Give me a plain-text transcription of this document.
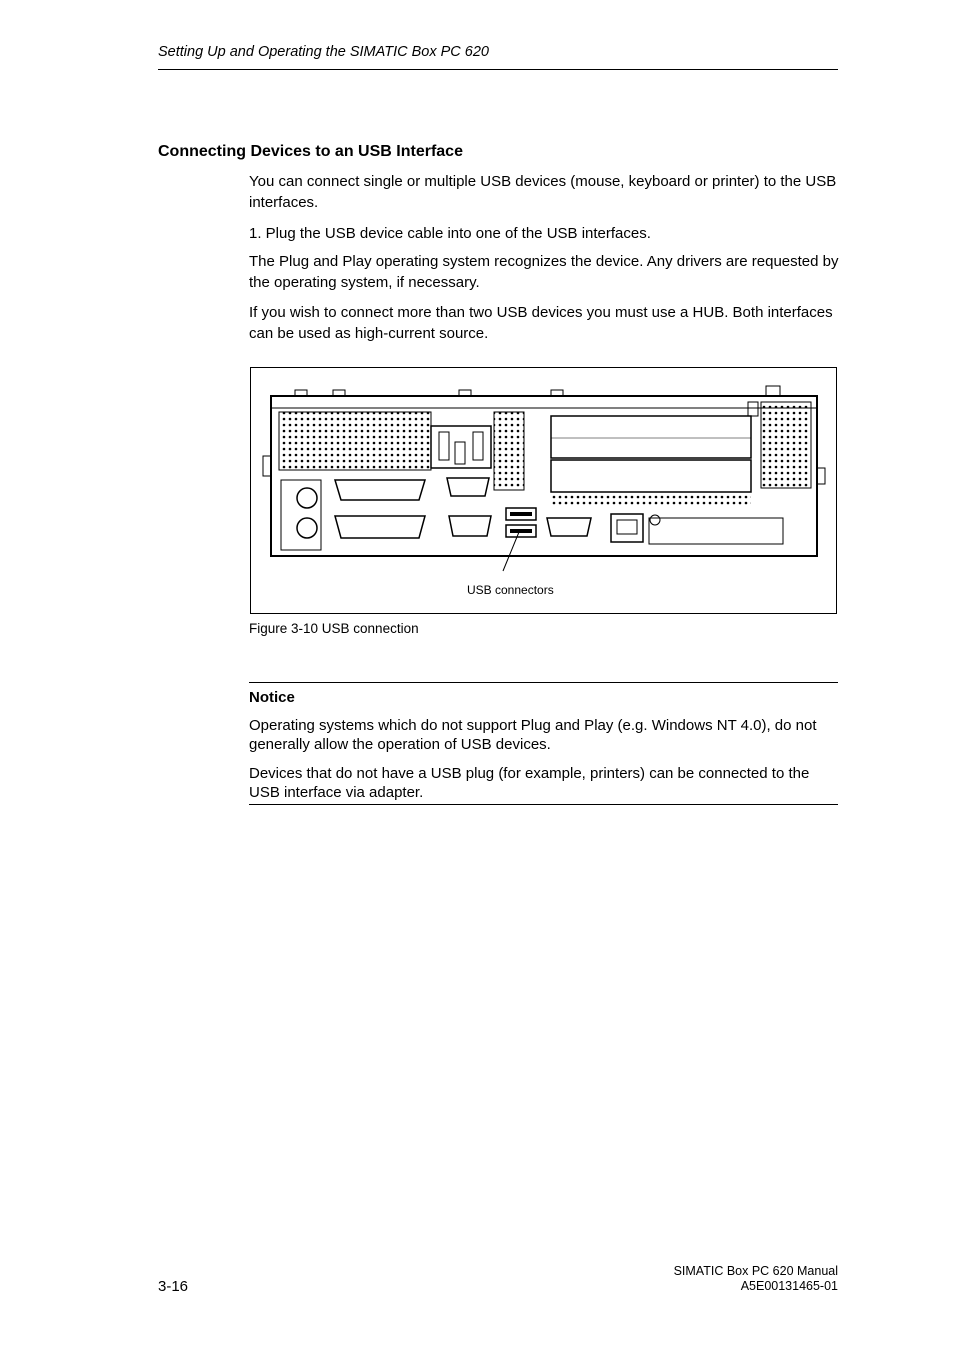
Setting Up and Operating the SIMATIC Box PC 620
Connecting Devices to an USB Interface
You can connect single or multiple USB devices (mouse, keyboard or printer) to the USB interfaces.
1. Plug the USB device cable into one of the USB interfaces.
The Plug and Play operating system recognizes the device. Any drivers are requested by the operating system, if necessary.
If you wish to connect more than two USB devices you must use a HUB. Both interfaces can be used as high-current source.
USB connectors
Figure 3-10 USB connection
Notice
Operating systems which do not support Plug and Play (e.g. Windows NT 4.0), do not generally allow the operation of USB devices.
Devices that do not have a USB plug (for example, printers) can be connected to the USB interface via adapter.
3-16
SIMATIC Box PC 620 Manual
A5E00131465-01
